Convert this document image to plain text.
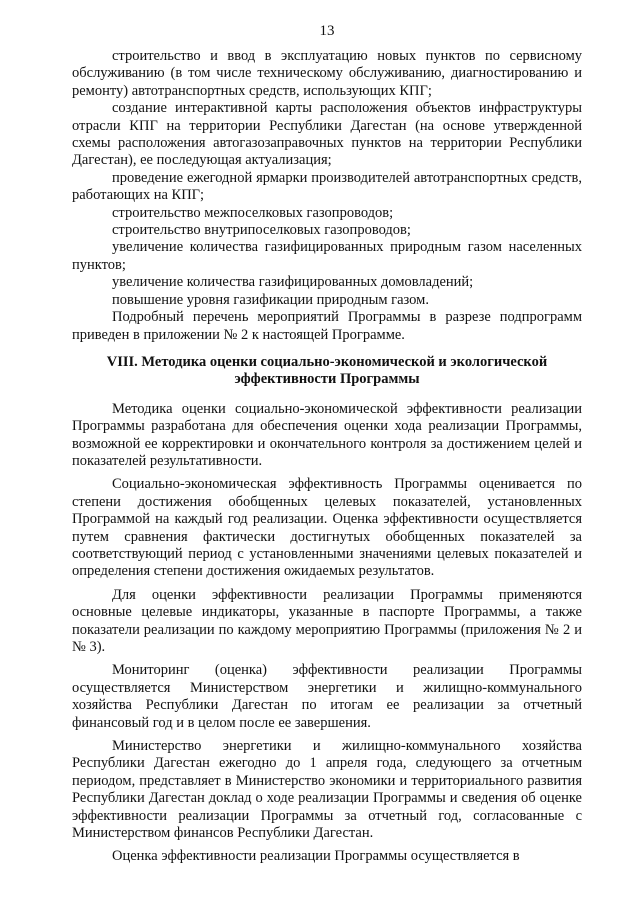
13

строительство и ввод в эксплуатацию новых пунктов по сервисному обслуживанию (в том числе техническому обслуживанию, диагностированию и ремонту) автотранспортных средств, использующих КПГ;

создание интерактивной карты расположения объектов инфраструктуры отрасли КПГ на территории Республики Дагестан (на основе утвержденной схемы расположения автогазозаправочных пунктов на территории Республики Дагестан), ее последующая актуализация;

проведение ежегодной ярмарки производителей автотранспортных средств, работающих на КПГ;

строительство межпоселковых газопроводов;

строительство внутрипоселковых газопроводов;

увеличение количества газифицированных природным газом населенных пунктов;

увеличение количества газифицированных домовладений;

повышение уровня газификации природным газом.

Подробный перечень мероприятий Программы в разрезе подпрограмм приведен в приложении № 2 к настоящей Программе.

VIII. Методика оценки социально-экономической и экологической
эффективности Программы

Методика оценки социально-экономической эффективности реализации Программы разработана для обеспечения оценки хода реализации Программы, возможной ее корректировки и окончательного контроля за достижением целей и показателей результативности.

Социально-экономическая эффективность Программы оценивается по степени достижения обобщенных целевых показателей, установленных Программой на каждый год реализации. Оценка эффективности осуществляется путем сравнения фактически достигнутых обобщенных показателей за соответствующий период с установленными значениями целевых показателей и определения степени достижения ожидаемых результатов.

Для оценки эффективности реализации Программы применяются основные целевые индикаторы, указанные в паспорте Программы, а также показатели реализации по каждому мероприятию Программы (приложения № 2 и № 3).

Мониторинг (оценка) эффективности реализации Программы осуществляется Министерством энергетики и жилищно-коммунального хозяйства Республики Дагестан по итогам ее реализации за отчетный финансовый год и в целом после ее завершения.

Министерство энергетики и жилищно-коммунального хозяйства Республики Дагестан ежегодно до 1 апреля года, следующего за отчетным периодом, представляет в Министерство экономики и территориального развития Республики Дагестан доклад о ходе реализации Программы и сведения об оценке эффективности реализации Программы за отчетный год, согласованные с Министерством финансов Республики Дагестан.

Оценка эффективности реализации Программы осуществляется в
